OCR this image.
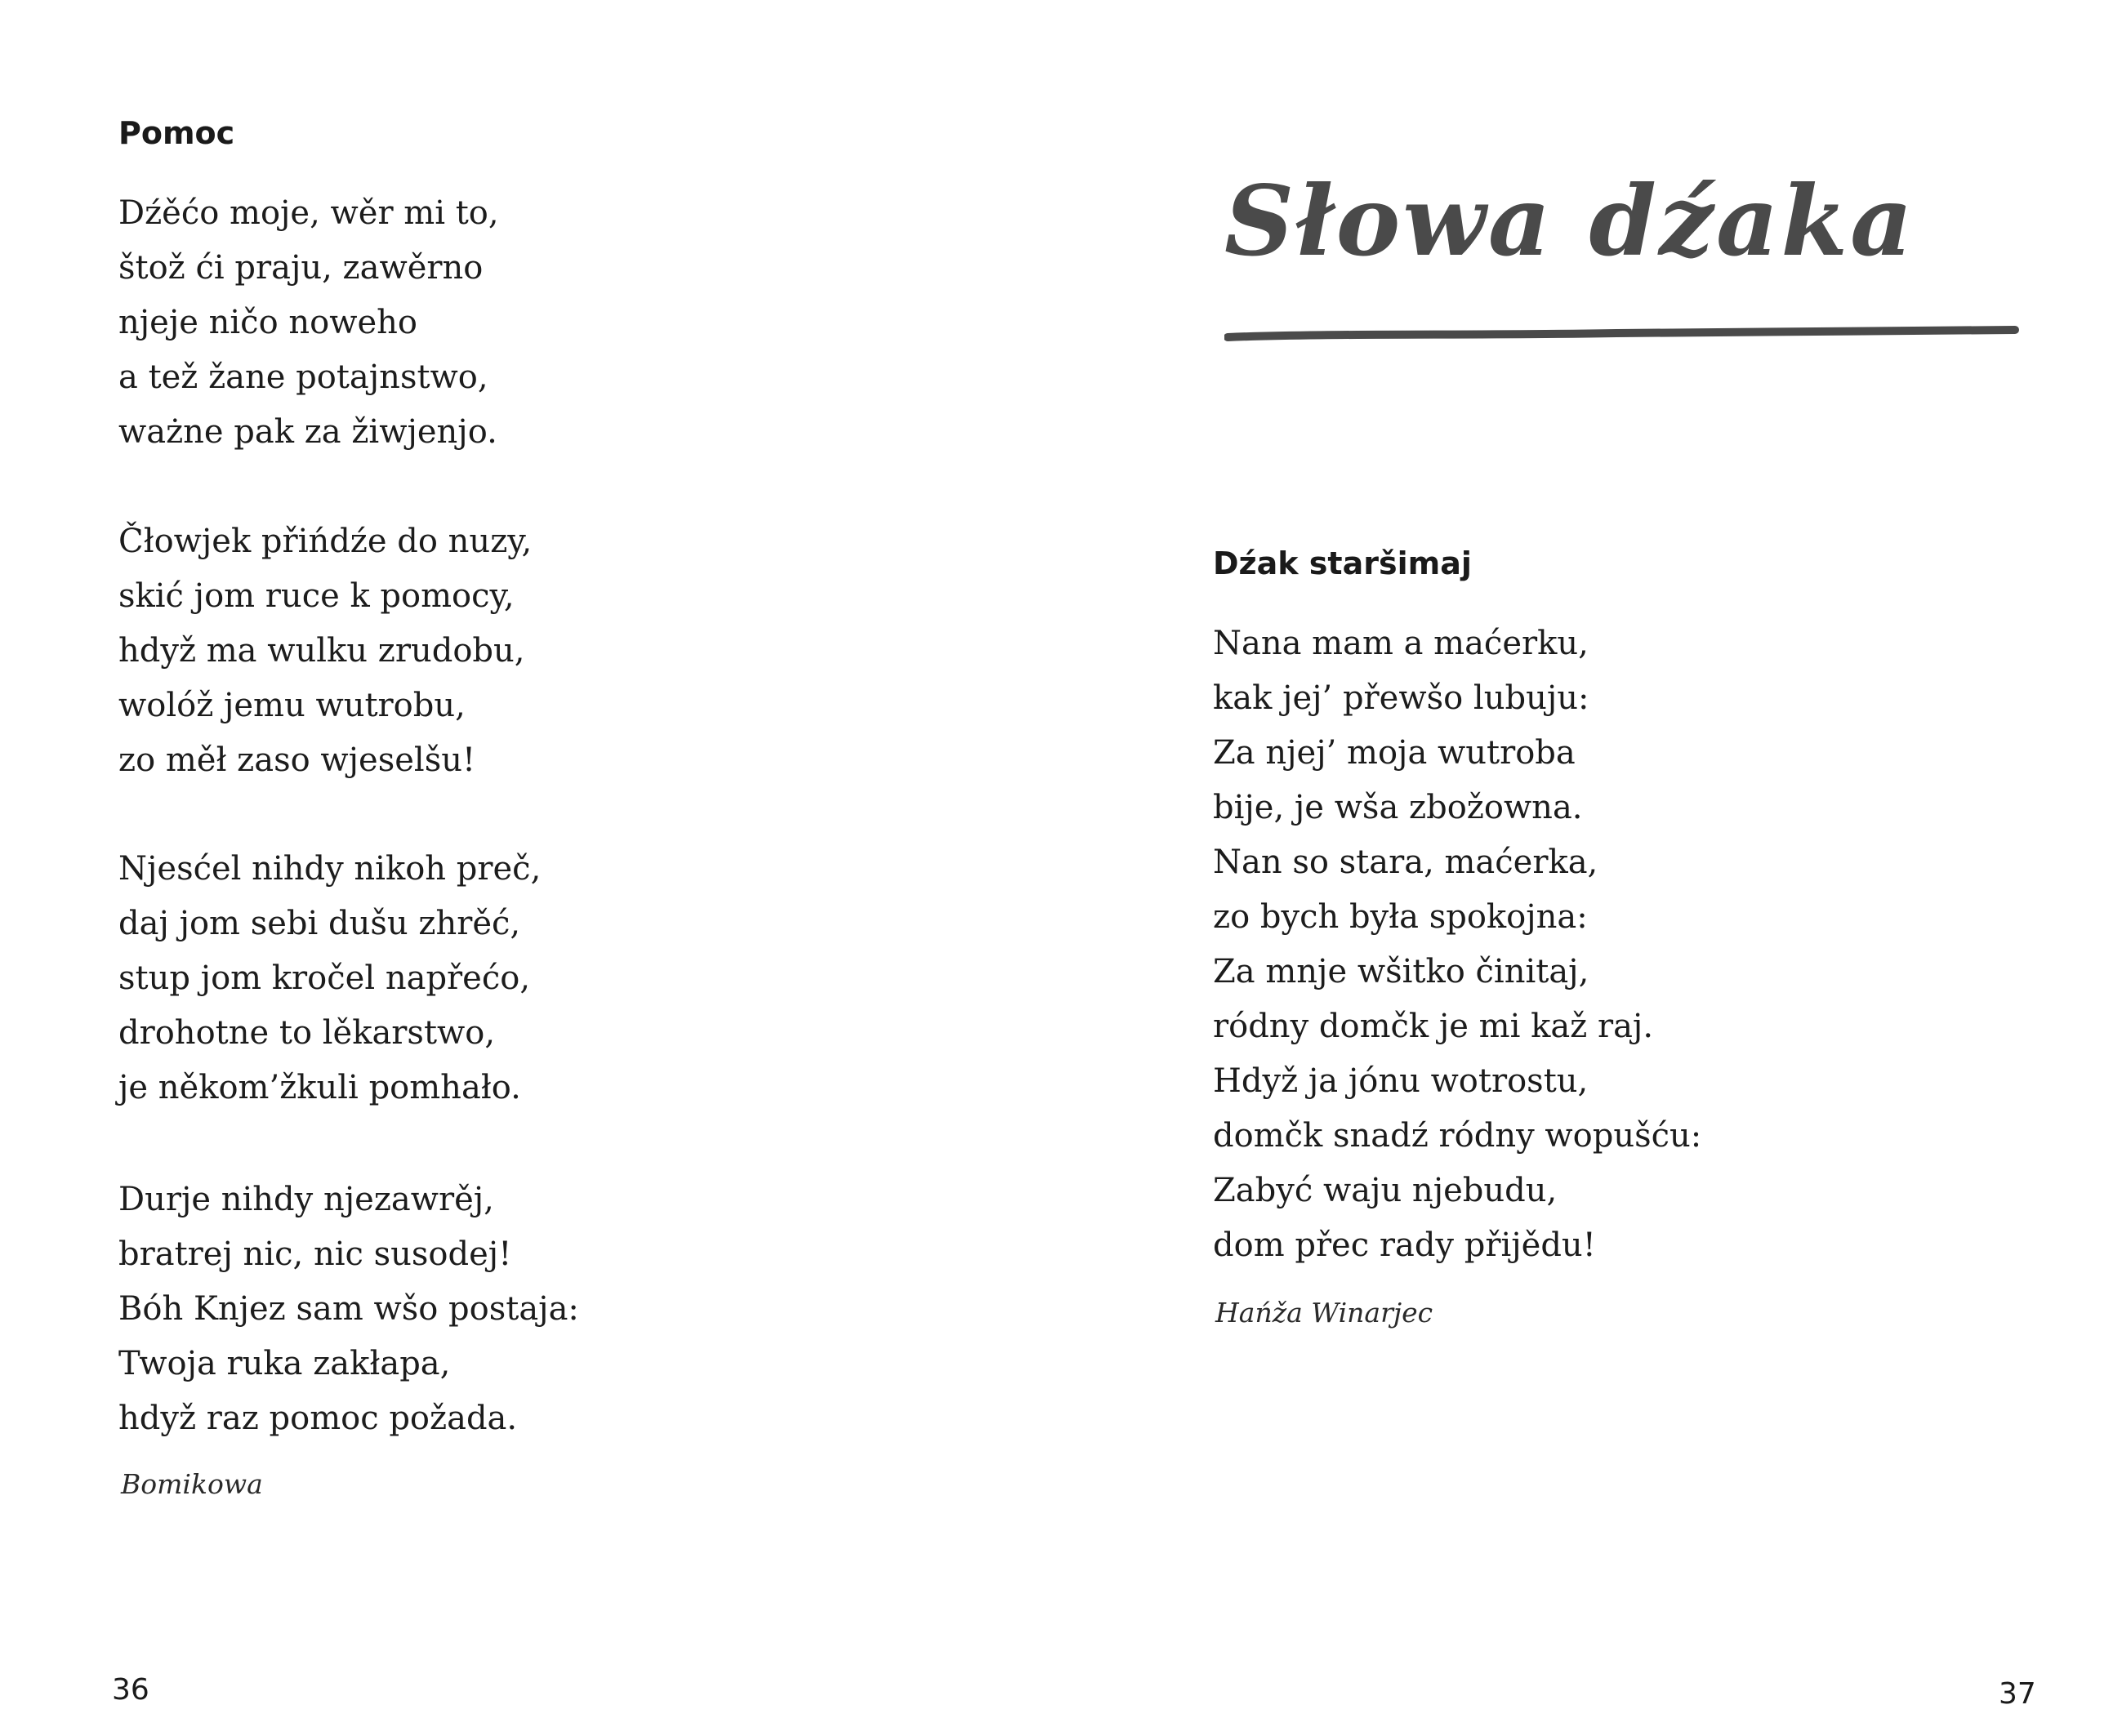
Pomoc

Dźěćo moje, wěr mi to,
štož ći praju, zawěrno
njeje ničo noweho
a tež žane potajnstwo,
ważne pak za žiwjenjo.

Čłowjek přińdźe do nuzy,
skić jom ruce k pomocy,
hdyž ma wulku zrudobu,
wolóž jemu wutrobu,
zo měł zaso wjeselšu!

Njesćel nihdy nikoh preč,
daj jom sebi dušu zhrěć,
stup jom kročel napřećo,
drohotne to lěkarstwo,
je někom’žkuli pomhało.

Durje nihdy njezawrěj,
bratrej nic, nic susodej!
Bóh Knjez sam wšo postaja:
Twoja ruka zakłapa,
hdyž raz pomoc požada.

Bomikowa

36
Słowa dźaka
Dźak staršimaj

Nana mam a maćerku,
kak jej’ přewšo lubuju:
Za njej’ moja wutroba
bije, je wša zbožowna.
Nan so stara, maćerka,
zo bych była spokojna:
Za mnje wšitko činitaj,
ródny domčk je mi kaž raj.
Hdyž ja jónu wotrostu,
domčk snadź ródny wopušću:
Zabyć waju njebudu,
dom přec rady přijědu!

Hańža Winarjec

37
